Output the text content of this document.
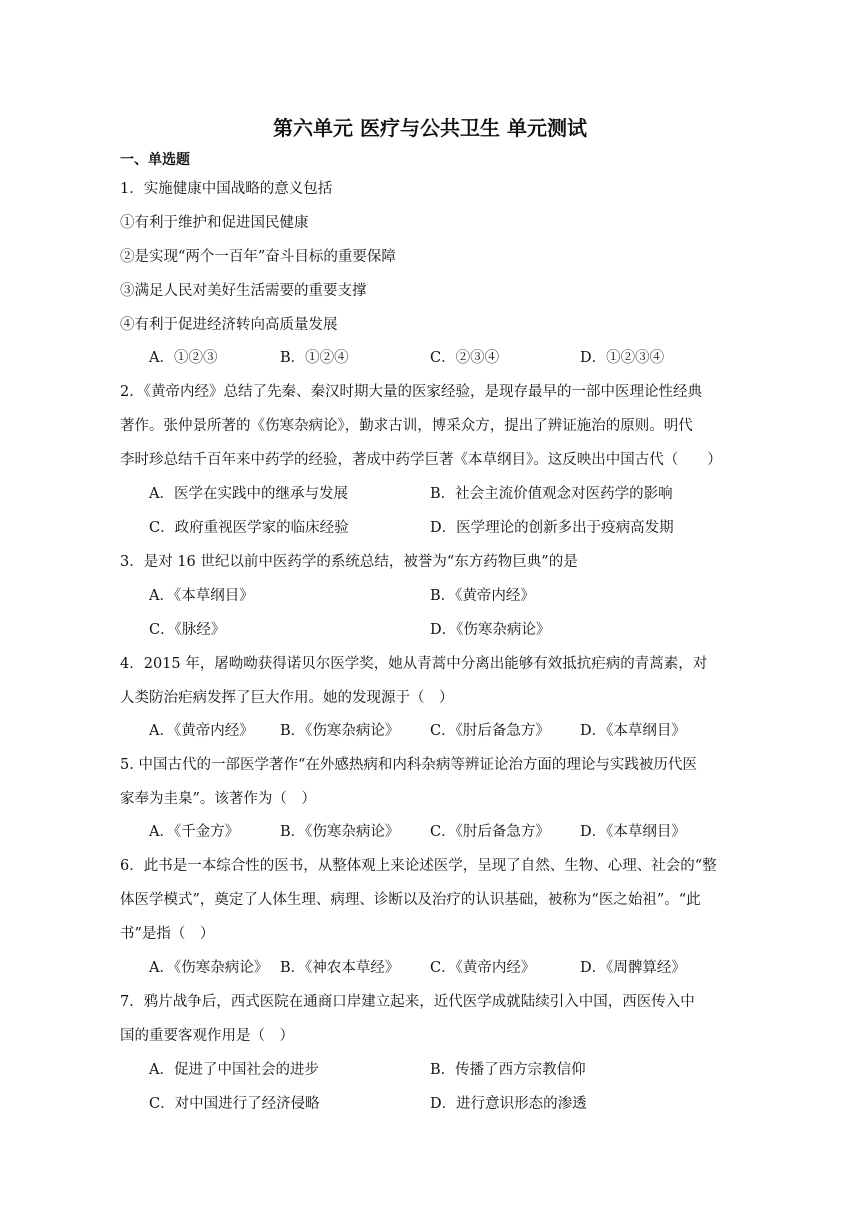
第六单元 医疗与公共卫生 单元测试
一、单选题
1．实施健康中国战略的意义包括
①有利于维护和促进国民健康
②是实现“两个一百年”奋斗目标的重要保障
③满足人民对美好生活需要的重要支撑
④有利于促进经济转向高质量发展
A．①②③	B．①②④	C．②③④	D．①②③④
2．《黄帝内经》总结了先秦、秦汉时期大量的医家经验，是现存最早的一部中医理论性经典
著作。张仲景所著的《伤寒杂病论》，勤求古训，博采众方，提出了辨证施治的原则。明代
李时珍总结千百年来中药学的经验，著成中药学巨著《本草纲目》。这反映出中国古代（　　）
A．医学在实践中的继承与发展	B．社会主流价值观念对医药学的影响
C．政府重视医学家的临床经验	D．医学理论的创新多出于疫病高发期
3．是对 16 世纪以前中医药学的系统总结，被誉为“东方药物巨典”的是
A．《本草纲目》	B．《黄帝内经》
C．《脉经》	D．《伤寒杂病论》
4．2015 年，屠呦呦获得诺贝尔医学奖，她从青蒿中分离出能够有效抵抗疟病的青蒿素，对
人类防治疟病发挥了巨大作用。她的发现源于（　）
A．《黄帝内经》 B．《伤寒杂病论》 C．《肘后备急方》 D．《本草纲目》
5. 中国古代的一部医学著作“在外感热病和内科杂病等辨证论治方面的理论与实践被历代医
家奉为圭臬”。该著作为（　）
A．《千金方》	B．《伤寒杂病论》 C．《肘后备急方》 D．《本草纲目》
6．此书是一本综合性的医书，从整体观上来论述医学，呈现了自然、生物、心理、社会的“整
体医学模式”，奠定了人体生理、病理、诊断以及治疗的认识基础，被称为“医之始祖”。“此
书”是指（　）
A．《伤寒杂病论》 B．《神农本草经》 C．《黄帝内经》	D．《周髀算经》
7．鸦片战争后，西式医院在通商口岸建立起来，近代医学成就陆续引入中国，西医传入中
国的重要客观作用是（　）
A．促进了中国社会的进步	B．传播了西方宗教信仰
C．对中国进行了经济侵略	D．进行意识形态的渗透
